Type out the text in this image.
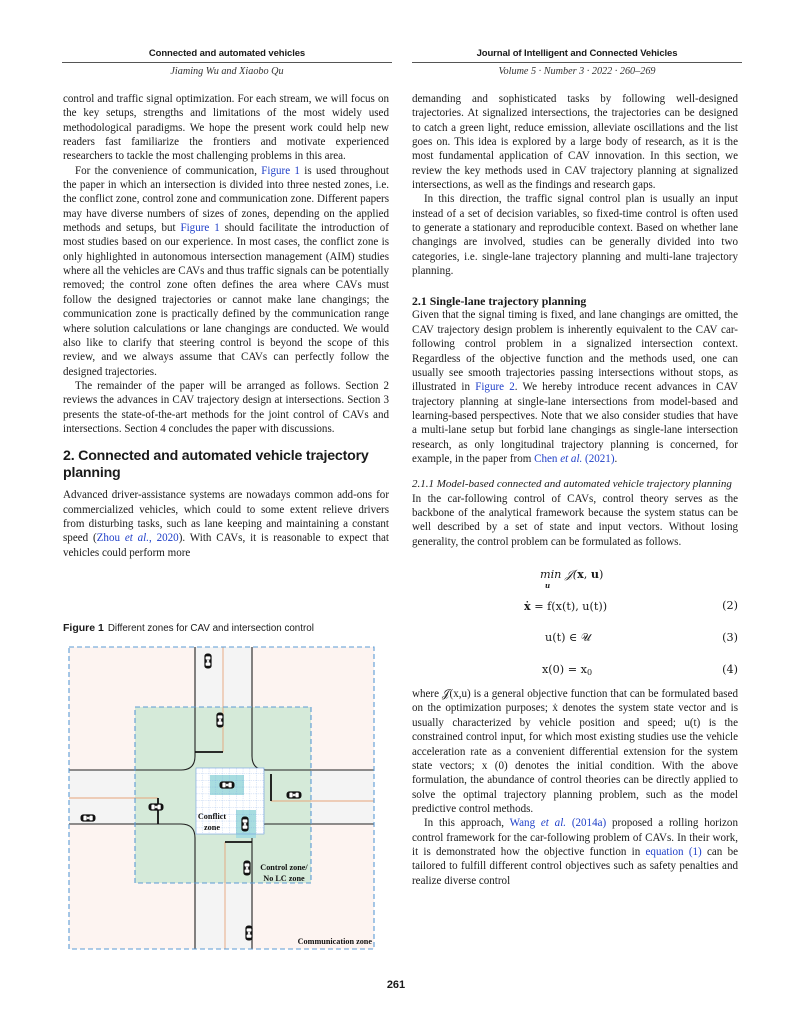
Connected and automated vehicles
Jiaming Wu and Xiaobo Qu
Journal of Intelligent and Connected Vehicles
Volume 5 · Number 3 · 2022 · 260–269

control and traffic signal optimization. For each stream, we will focus on the key setups, strengths and limitations of the most widely used methodological paradigms. We hope the present work could help new readers fast familiarize the frontiers and motivate experienced researchers to tackle the most challenging problems in this area.

For the convenience of communication, Figure 1 is used throughout the paper in which an intersection is divided into three nested zones, i.e. the conflict zone, control zone and communication zone. Different papers may have diverse numbers of sizes of zones, depending on the applied methods and setups, but Figure 1 should facilitate the introduction of most studies based on our experience. In most cases, the conflict zone is only highlighted in autonomous intersection management (AIM) studies where all the vehicles are CAVs and thus traffic signals can be potentially removed; the control zone often defines the area where CAVs must follow the designed trajectories or cannot make lane changings; the communication zone is practically defined by the communication range where solution calculations or lane changings are conducted. We would also like to clarify that steering control is beyond the scope of this review, and we always assume that CAVs can perfectly follow the designed trajectories.

The remainder of the paper will be arranged as follows. Section 2 reviews the advances in CAV trajectory design at intersections. Section 3 presents the state-of-the-art methods for the joint control of CAVs and intersections. Section 4 concludes the paper with discussions.

2. Connected and automated vehicle trajectory planning

Advanced driver-assistance systems are nowadays common add-ons for commercialized vehicles, which could to some extent relieve drivers from disturbing tasks, such as lane keeping and maintaining a constant speed (Zhou et al., 2020). With CAVs, it is reasonable to expect that vehicles could perform more

Figure 1 Different zones for CAV and intersection control
Conflict
zone
Control zone/
No LC zone
Communication zone

demanding and sophisticated tasks by following well-designed trajectories. At signalized intersections, the trajectories can be designed to catch a green light, reduce emission, alleviate oscillations and the list goes on. This idea is explored by a large body of research, as it is the most fundamental application of CAV innovation. In this section, we review the key methods used in CAV trajectory planning at signalized intersections, as well as the findings and research gaps.

In this direction, the traffic signal control plan is usually an input instead of a set of decision variables, so fixed-time control is often used to generate a stationary and reproducible context. Based on whether lane changings are involved, studies can be generally divided into two categories, i.e. single-lane trajectory planning and multi-lane trajectory planning.

2.1 Single-lane trajectory planning

Given that the signal timing is fixed, and lane changings are omitted, the CAV trajectory design problem is inherently equivalent to the CAV car-following control problem in a signalized intersection context. Regardless of the objective function and the methods used, one can usually see smooth trajectories passing intersections without stops, as illustrated in Figure 2. We hereby introduce recent advances in CAV trajectory planning at single-lane intersections from model-based and learning-based perspectives. Note that we also consider studies that have a multi-lane setup but forbid lane changings as single-lane intersection research, as only longitudinal trajectory planning is concerned, for example, in the paper from Chen et al. (2021).

2.1.1 Model-based connected and automated vehicle trajectory planning

In the car-following control of CAVs, control theory serves as the backbone of the analytical framework because the system status can be well described by a set of state and input vectors. Without losing generality, the control problem can be formulated as follows.

min
u
𝒥(x, u)
ẋ = f(x(t), u(t))	(2)
u(t) ∈ 𝒰	(3)
x(0) = x0	(4)

where 𝒥(x,u) is a general objective function that can be formulated based on the optimization purposes; ẋ denotes the system state vector and is usually characterized by vehicle position and speed; u(t) is the constrained control input, for which most existing studies use the vehicle acceleration rate as a convenient differential extension for the system state vectors; x (0) denotes the initial condition. With the above formulation, the abundance of control theories can be directly applied to solve the optimal trajectory planning problem, such as the model predictive control methods.

In this approach, Wang et al. (2014a) proposed a rolling horizon control framework for the car-following problem of CAVs. In their work, it is demonstrated how the objective function in equation (1) can be tailored to fulfill different control objectives such as safety penalties and realize diverse control

261
